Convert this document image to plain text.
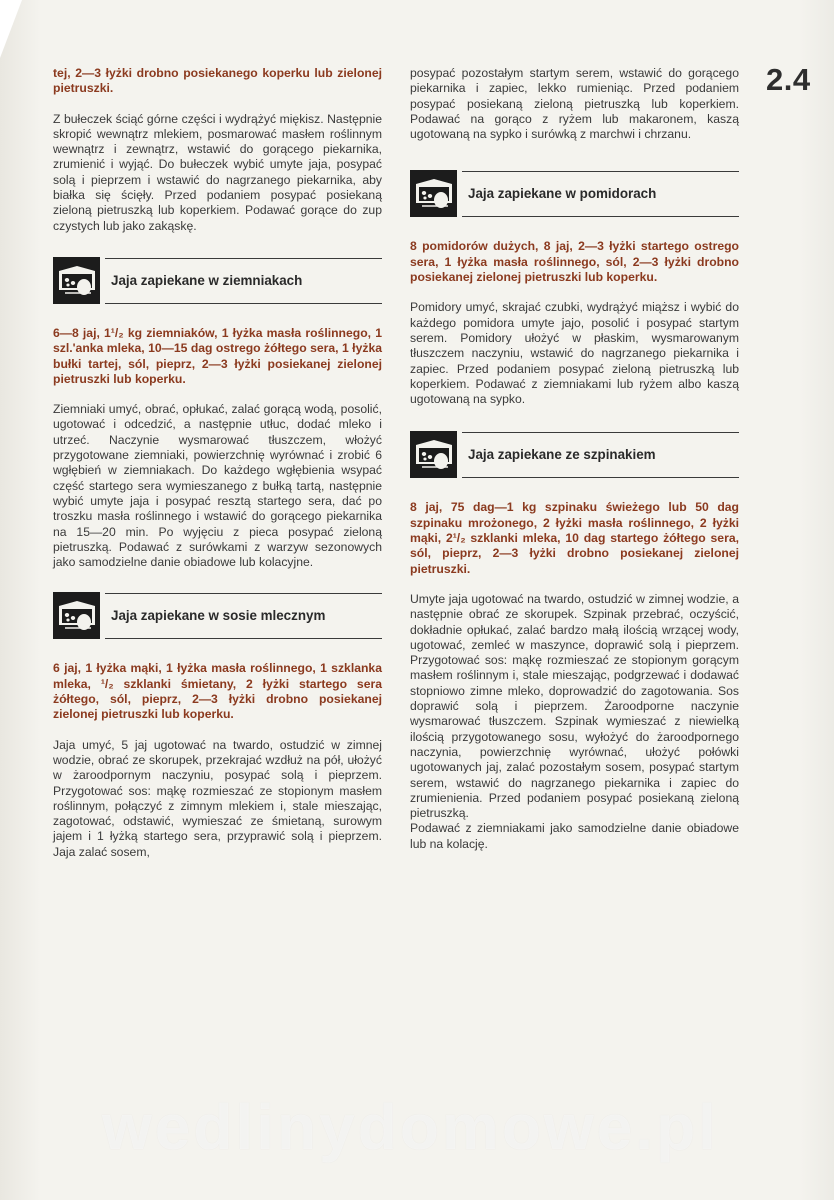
2.4

tej, 2—3 łyżki drobno posiekanego koperku lub zielonej pietruszki.

Z bułeczek ściąć górne części i wydrążyć miękisz. Następnie skropić wewnątrz mlekiem, posmarować masłem roślinnym wewnątrz i zewnątrz, wstawić do gorącego piekarnika, zrumienić i wyjąć. Do bułeczek wybić umyte jaja, posypać solą i pieprzem i wstawić do nagrzanego piekarnika, aby białka się ścięły. Przed podaniem posypać posiekaną zieloną pietruszką lub koperkiem. Podawać gorące do zup czystych lub jako zakąskę.

Jaja zapiekane w ziemniakach

6—8 jaj, 1¹/₂ kg ziemniaków, 1 łyżka masła roślinnego, 1 szl.'anka mleka, 10—15 dag ostrego żółtego sera, 1 łyżka bułki tartej, sól, pieprz, 2—3 łyżki posiekanej zielonej pietruszki lub koperku.

Ziemniaki umyć, obrać, opłukać, zalać gorącą wodą, posolić, ugotować i odcedzić, a następnie utłuc, dodać mleko i utrzeć. Naczynie wysmarować tłuszczem, włożyć przygotowane ziemniaki, powierzchnię wyrównać i zrobić 6 wgłębień w ziemniakach. Do każdego wgłębienia wsypać część startego sera wymieszanego z bułką tartą, następnie wybić umyte jaja i posypać resztą startego sera, dać po troszku masła roślinnego i wstawić do gorącego piekarnika na 15—20 min. Po wyjęciu z pieca posypać zieloną pietruszką. Podawać z surówkami z warzyw sezonowych jako samodzielne danie obiadowe lub kolacyjne.

Jaja zapiekane w sosie mlecznym

6 jaj, 1 łyżka mąki, 1 łyżka masła roślinnego, 1 szklanka mleka, ¹/₂ szklanki śmietany, 2 łyżki startego sera żółtego, sól, pieprz, 2—3 łyżki drobno posiekanej zielonej pietruszki lub koperku.

Jaja umyć, 5 jaj ugotować na twardo, ostudzić w zimnej wodzie, obrać ze skorupek, przekrajać wzdłuż na pół, ułożyć w żaroodpornym naczyniu, posypać solą i pieprzem. Przygotować sos: mąkę rozmieszać ze stopionym masłem roślinnym, połączyć z zimnym mlekiem i, stale mieszając, zagotować, odstawić, wymieszać ze śmietaną, surowym jajem i 1 łyżką startego sera, przyprawić solą i pieprzem. Jaja zalać sosem,

posypać pozostałym startym serem, wstawić do gorącego piekarnika i zapiec, lekko rumieniąc. Przed podaniem posypać posiekaną zieloną pietruszką lub koperkiem. Podawać na gorąco z ryżem lub makaronem, kaszą ugotowaną na sypko i surówką z marchwi i chrzanu.

Jaja zapiekane w pomidorach

8 pomidorów dużych, 8 jaj, 2—3 łyżki startego ostrego sera, 1 łyżka masła roślinnego, sól, 2—3 łyżki drobno posiekanej zielonej pietruszki lub koperku.

Pomidory umyć, skrajać czubki, wydrążyć miąższ i wybić do każdego pomidora umyte jajo, posolić i posypać startym serem. Pomidory ułożyć w płaskim, wysmarowanym tłuszczem naczyniu, wstawić do nagrzanego piekarnika i zapiec. Przed podaniem posypać zieloną pietruszką lub koperkiem. Podawać z ziemniakami lub ryżem albo kaszą ugotowaną na sypko.

Jaja zapiekane ze szpinakiem

8 jaj, 75 dag—1 kg szpinaku świeżego lub 50 dag szpinaku mrożonego, 2 łyżki masła roślinnego, 2 łyżki mąki, 2¹/₂ szklanki mleka, 10 dag startego żółtego sera, sól, pieprz, 2—3 łyżki drobno posiekanej zielonej pietruszki.

Umyte jaja ugotować na twardo, ostudzić w zimnej wodzie, a następnie obrać ze skorupek. Szpinak przebrać, oczyścić, dokładnie opłukać, zalać bardzo małą ilością wrzącej wody, ugotować, zemleć w maszynce, doprawić solą i pieprzem. Przygotować sos: mąkę rozmieszać ze stopionym gorącym masłem roślinnym i, stale mieszając, podgrzewać i dodawać stopniowo zimne mleko, doprowadzić do zagotowania. Sos doprawić solą i pieprzem. Żaroodporne naczynie wysmarować tłuszczem. Szpinak wymieszać z niewielką ilością przygotowanego sosu, wyłożyć do żaroodpornego naczynia, powierzchnię wyrównać, ułożyć połówki ugotowanych jaj, zalać pozostałym sosem, posypać startym serem, wstawić do nagrzanego piekarnika i zapiec do zrumienienia. Przed podaniem posypać posiekaną zieloną pietruszką.

Podawać z ziemniakami jako samodzielne danie obiadowe lub na kolację.

wedlinydomowe.pl
